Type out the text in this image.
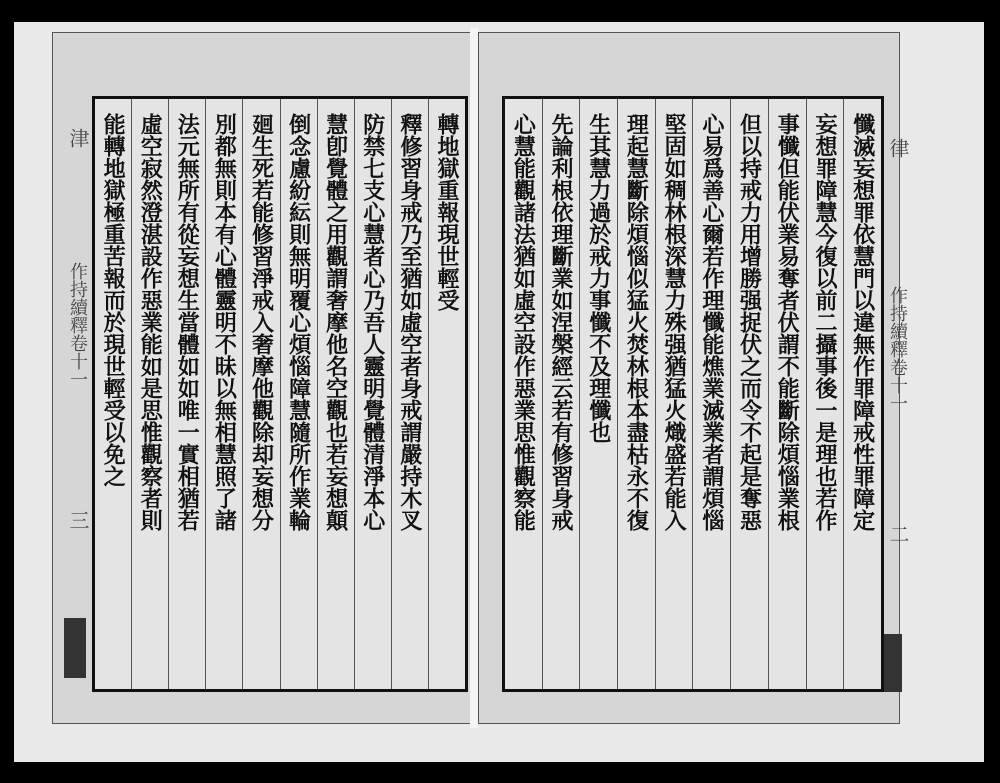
津
作持續釋卷十一
三
律
作持續釋卷十一
二
轉地獄重報現世輕受
釋修習身戒乃至猶如虛空者身戒謂嚴持木叉
防禁七支心慧者心乃吾人靈明覺體清淨本心
慧卽覺體之用觀謂奢摩他名空觀也若妄想顛
倒念慮紛紜則無明覆心煩惱障慧隨所作業輪
廻生死若能修習淨戒入奢摩他觀除却妄想分
別都無則本有心體靈明不昧以無相慧照了諸
法元無所有從妄想生當體如如唯一實相猶若
虛空寂然澄湛設作惡業能如是思惟觀察者則
能轉地獄極重苦報而於現世輕受以免之	懺滅妄想罪依慧門以違無作罪障戒性罪障定
妄想罪障慧今復以前二攝事後一是理也若作
事懺但能伏業易奪者伏謂不能斷除煩惱業根
但以持戒力用增勝强捉伏之而令不起是奪惡
心易爲善心爾若作理懺能燋業滅業者謂煩惱
堅固如稠林根深慧力殊强猶猛火熾盛若能入
理起慧斷除煩惱似猛火焚林根本盡枯永不復
生其慧力過於戒力事懺不及理懺也
先論利根依理斷業如涅槃經云若有修習身戒
心慧能觀諸法猶如虛空設作惡業思惟觀察能
